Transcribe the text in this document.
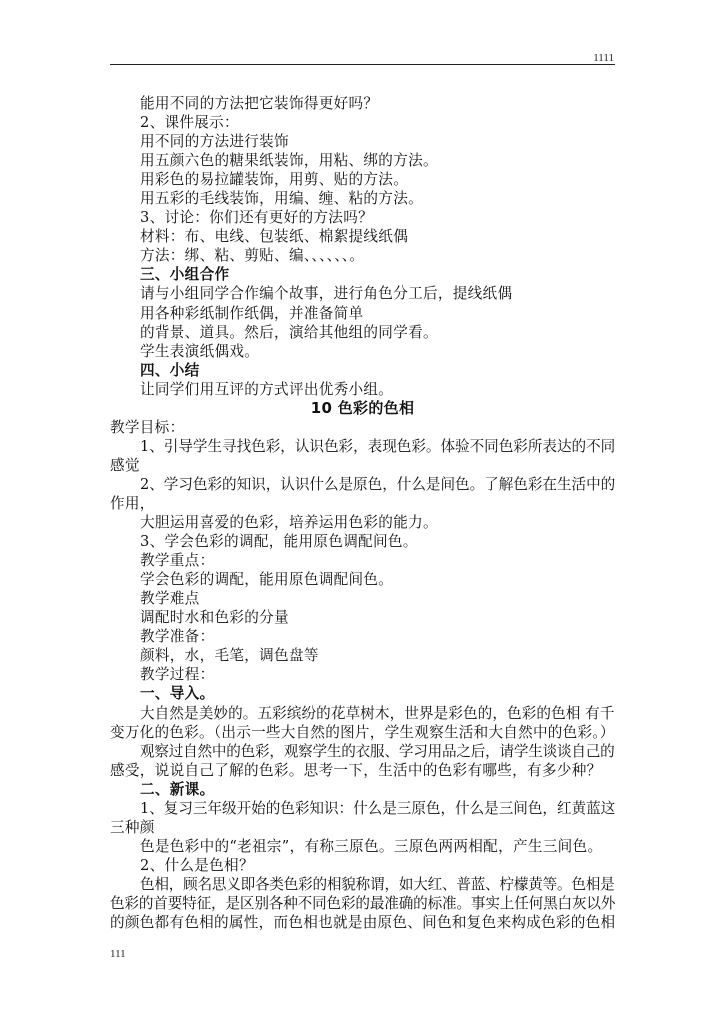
1111
能用不同的方法把它装饰得更好吗？
2、课件展示：
用不同的方法进行装饰
用五颜六色的糖果纸装饰，用粘、绑的方法。
用彩色的易拉罐装饰，用剪、贴的方法。
用五彩的毛线装饰，用编、缠、粘的方法。
3、讨论：你们还有更好的方法吗？
材料：布、电线、包装纸、棉絮提线纸偶
方法：绑、粘、剪贴、编、、、、、、。
三、小组合作
请与小组同学合作编个故事，进行角色分工后，提线纸偶
用各种彩纸制作纸偶，并准备简单
的背景、道具。然后，演给其他组的同学看。
学生表演纸偶戏。
四、小结
让同学们用互评的方式评出优秀小组。
10 色彩的色相
教学目标：
1、引导学生寻找色彩，认识色彩，表现色彩。体验不同色彩所表达的不同
感觉
2、学习色彩的知识，认识什么是原色，什么是间色。了解色彩在生活中的
作用，
大胆运用喜爱的色彩，培养运用色彩的能力。
3、学会色彩的调配，能用原色调配间色。
教学重点：
学会色彩的调配，能用原色调配间色。
教学难点
调配时水和色彩的分量
教学准备：
颜料，水，毛笔，调色盘等
教学过程：
一、导入。
大自然是美妙的。五彩缤纷的花草树木，世界是彩色的，色彩的色相 有千
变万化的色彩。（出示一些大自然的图片，学生观察生活和大自然中的色彩。）
观察过自然中的色彩，观察学生的衣服、学习用品之后，请学生谈谈自己的
感受，说说自己了解的色彩。思考一下，生活中的色彩有哪些，有多少种？
二、新课。
1、复习三年级开始的色彩知识：什么是三原色，什么是三间色，红黄蓝这
三种颜
色是色彩中的“老祖宗”，有称三原色。三原色两两相配，产生三间色。
2、什么是色相？
色相，顾名思义即各类色彩的相貌称谓，如大红、普蓝、柠檬黄等。色相是
色彩的首要特征，是区别各种不同色彩的最准确的标准。事实上任何黑白灰以外
的颜色都有色相的属性，而色相也就是由原色、间色和复色来构成色彩的色相
111
